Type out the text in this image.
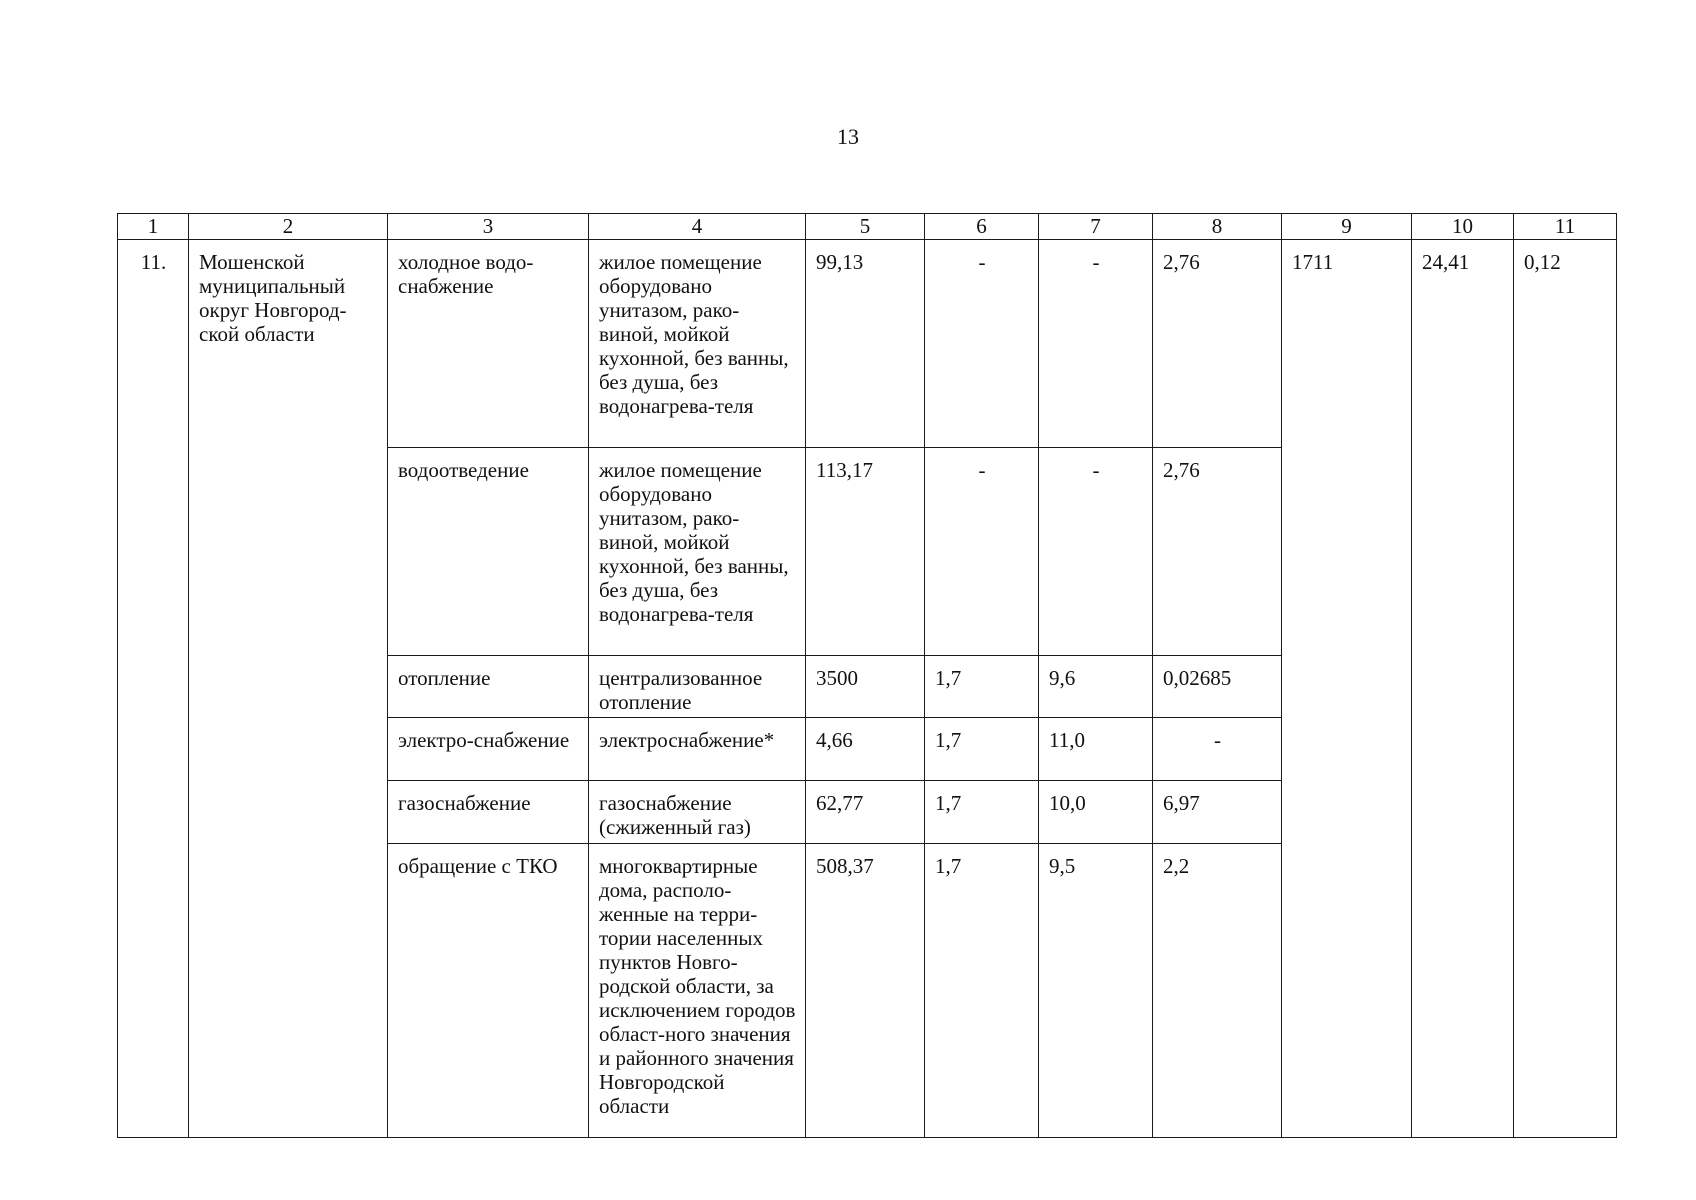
13
1	2	3	4	5	6	7	8	9	10	11
11.	Мошенской муниципальный округ Новгород-ской области	холодное водо-снабжение	жилое помещение оборудовано унитазом, рако-виной, мойкой кухонной, без ванны, без душа, без водонагрева-теля	99,13	-	-	2,76	1711	24,41	0,12
		водоотведение	жилое помещение оборудовано унитазом, рако-виной, мойкой кухонной, без ванны, без душа, без водонагрева-теля	113,17	-	-	2,76			
		отопление	централизованное отопление	3500	1,7	9,6	0,02685			
		электро-снабжение	электроснабжение*	4,66	1,7	11,0	-			
		газоснабжение	газоснабжение (сжиженный газ)	62,77	1,7	10,0	6,97			
		обращение с ТКО	многоквартирные дома, располо-женные на терри-тории населенных пунктов Новго-родской области, за исключением городов област-ного значения и районного значения Новгородской области	508,37	1,7	9,5	2,2			
